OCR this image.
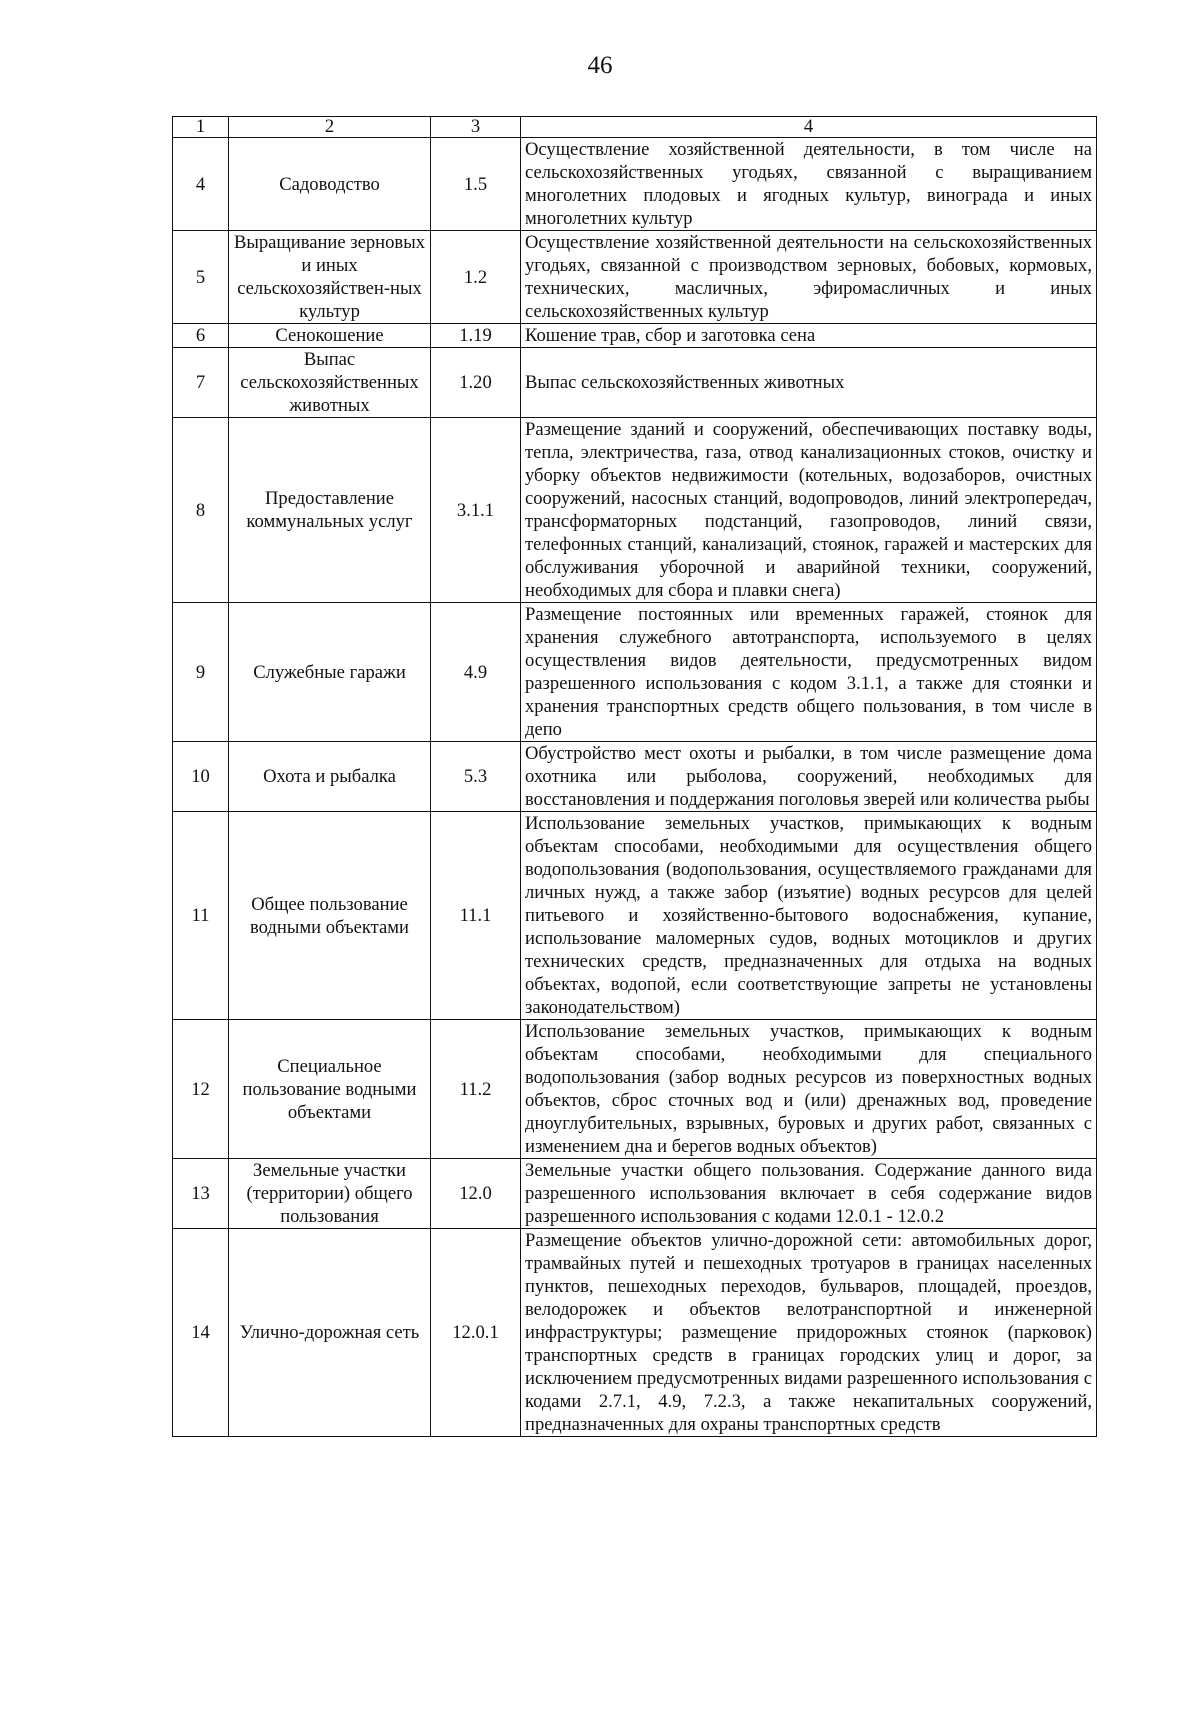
46
1	2	3	4
4	Садоводство	1.5	Осуществление хозяйственной деятельности, в том числе на сельскохозяйственных угодьях, связанной с выращиванием многолетних плодовых и ягодных культур, винограда и иных многолетних культур
5	Выращивание зерновых и иных сельскохозяйствен-ных культур	1.2	Осуществление хозяйственной деятельности на сельскохозяйственных угодьях, связанной с производством зерновых, бобовых, кормовых, технических, масличных, эфиромасличных и иных сельскохозяйственных культур
6	Сенокошение	1.19	Кошение трав, сбор и заготовка сена
7	Выпас сельскохозяйственных животных	1.20	Выпас сельскохозяйственных животных
8	Предоставление коммунальных услуг	3.1.1	Размещение зданий и сооружений, обеспечивающих поставку воды, тепла, электричества, газа, отвод канализационных стоков, очистку и уборку объектов недвижимости (котельных, водозаборов, очистных сооружений, насосных станций, водопроводов, линий электропередач, трансформаторных подстанций, газопроводов, линий связи, телефонных станций, канализаций, стоянок, гаражей и мастерских для обслуживания уборочной и аварийной техники, сооружений, необходимых для сбора и плавки снега)
9	Служебные гаражи	4.9	Размещение постоянных или временных гаражей, стоянок для хранения служебного автотранспорта, используемого в целях осуществления видов деятельности, предусмотренных видом разрешенного использования с кодом 3.1.1, а также для стоянки и хранения транспортных средств общего пользования, в том числе в депо
10	Охота и рыбалка	5.3	Обустройство мест охоты и рыбалки, в том числе размещение дома охотника или рыболова, сооружений, необходимых для восстановления и поддержания поголовья зверей или количества рыбы
11	Общее пользование водными объектами	11.1	Использование земельных участков, примыкающих к водным объектам способами, необходимыми для осуществления общего водопользования (водопользования, осуществляемого гражданами для личных нужд, а также забор (изъятие) водных ресурсов для целей питьевого и хозяйственно-бытового водоснабжения, купание, использование маломерных судов, водных мотоциклов и других технических средств, предназначенных для отдыха на водных объектах, водопой, если соответствующие запреты не установлены законодательством)
12	Специальное пользование водными объектами	11.2	Использование земельных участков, примыкающих к водным объектам способами, необходимыми для специального водопользования (забор водных ресурсов из поверхностных водных объектов, сброс сточных вод и (или) дренажных вод, проведение дноуглубительных, взрывных, буровых и других работ, связанных с изменением дна и берегов водных объектов)
13	Земельные участки (территории) общего пользования	12.0	Земельные участки общего пользования. Содержание данного вида разрешенного использования включает в себя содержание видов разрешенного использования с кодами 12.0.1 - 12.0.2
14	Улично-дорожная сеть	12.0.1	Размещение объектов улично-дорожной сети: автомобильных дорог, трамвайных путей и пешеходных тротуаров в границах населенных пунктов, пешеходных переходов, бульваров, площадей, проездов, велодорожек и объектов велотранспортной и инженерной инфраструктуры; размещение придорожных стоянок (парковок) транспортных средств в границах городских улиц и дорог, за исключением предусмотренных видами разрешенного использования с кодами 2.7.1, 4.9, 7.2.3, а также некапитальных сооружений, предназначенных для охраны транспортных средств
